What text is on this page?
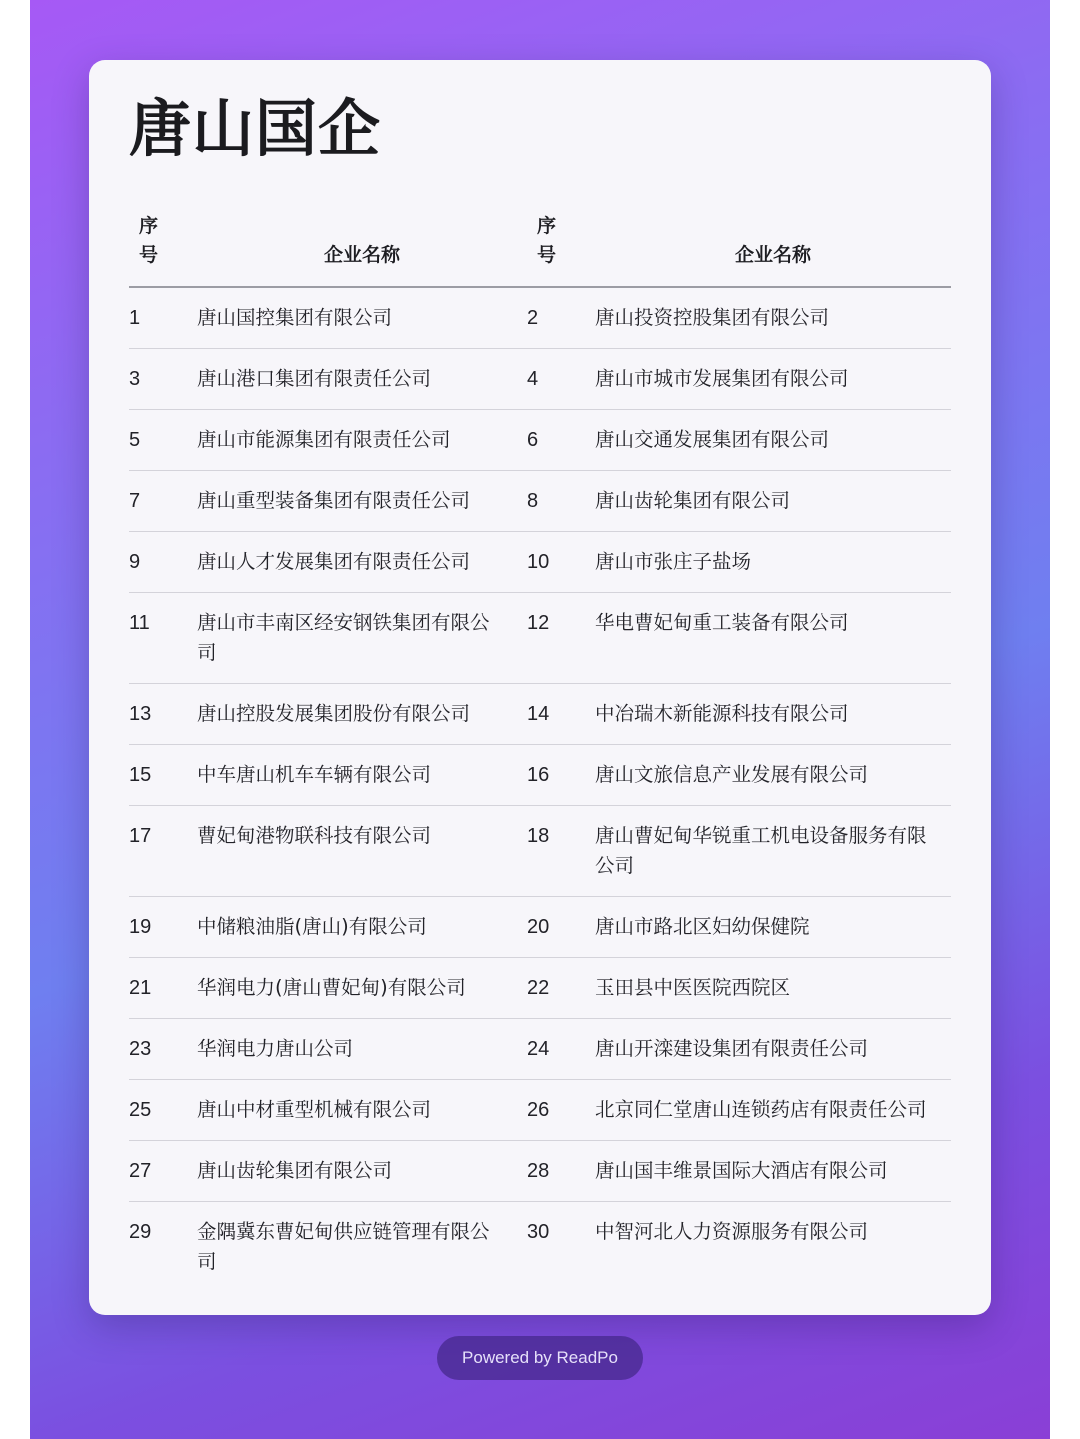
唐山国企
序号	企业名称	序号	企业名称
1	唐山国控集团有限公司	2	唐山投资控股集团有限公司
3	唐山港口集团有限责任公司	4	唐山市城市发展集团有限公司
5	唐山市能源集团有限责任公司	6	唐山交通发展集团有限公司
7	唐山重型装备集团有限责任公司	8	唐山齿轮集团有限公司
9	唐山人才发展集团有限责任公司	10	唐山市张庄子盐场
11	唐山市丰南区经安钢铁集团有限公司	12	华电曹妃甸重工装备有限公司
13	唐山控股发展集团股份有限公司	14	中冶瑞木新能源科技有限公司
15	中车唐山机车车辆有限公司	16	唐山文旅信息产业发展有限公司
17	曹妃甸港物联科技有限公司	18	唐山曹妃甸华锐重工机电设备服务有限公司
19	中储粮油脂(唐山)有限公司	20	唐山市路北区妇幼保健院
21	华润电力(唐山曹妃甸)有限公司	22	玉田县中医医院西院区
23	华润电力唐山公司	24	唐山开滦建设集团有限责任公司
25	唐山中材重型机械有限公司	26	北京同仁堂唐山连锁药店有限责任公司
27	唐山齿轮集团有限公司	28	唐山国丰维景国际大酒店有限公司
29	金隅冀东曹妃甸供应链管理有限公司	30	中智河北人力资源服务有限公司
Powered by ReadPo
